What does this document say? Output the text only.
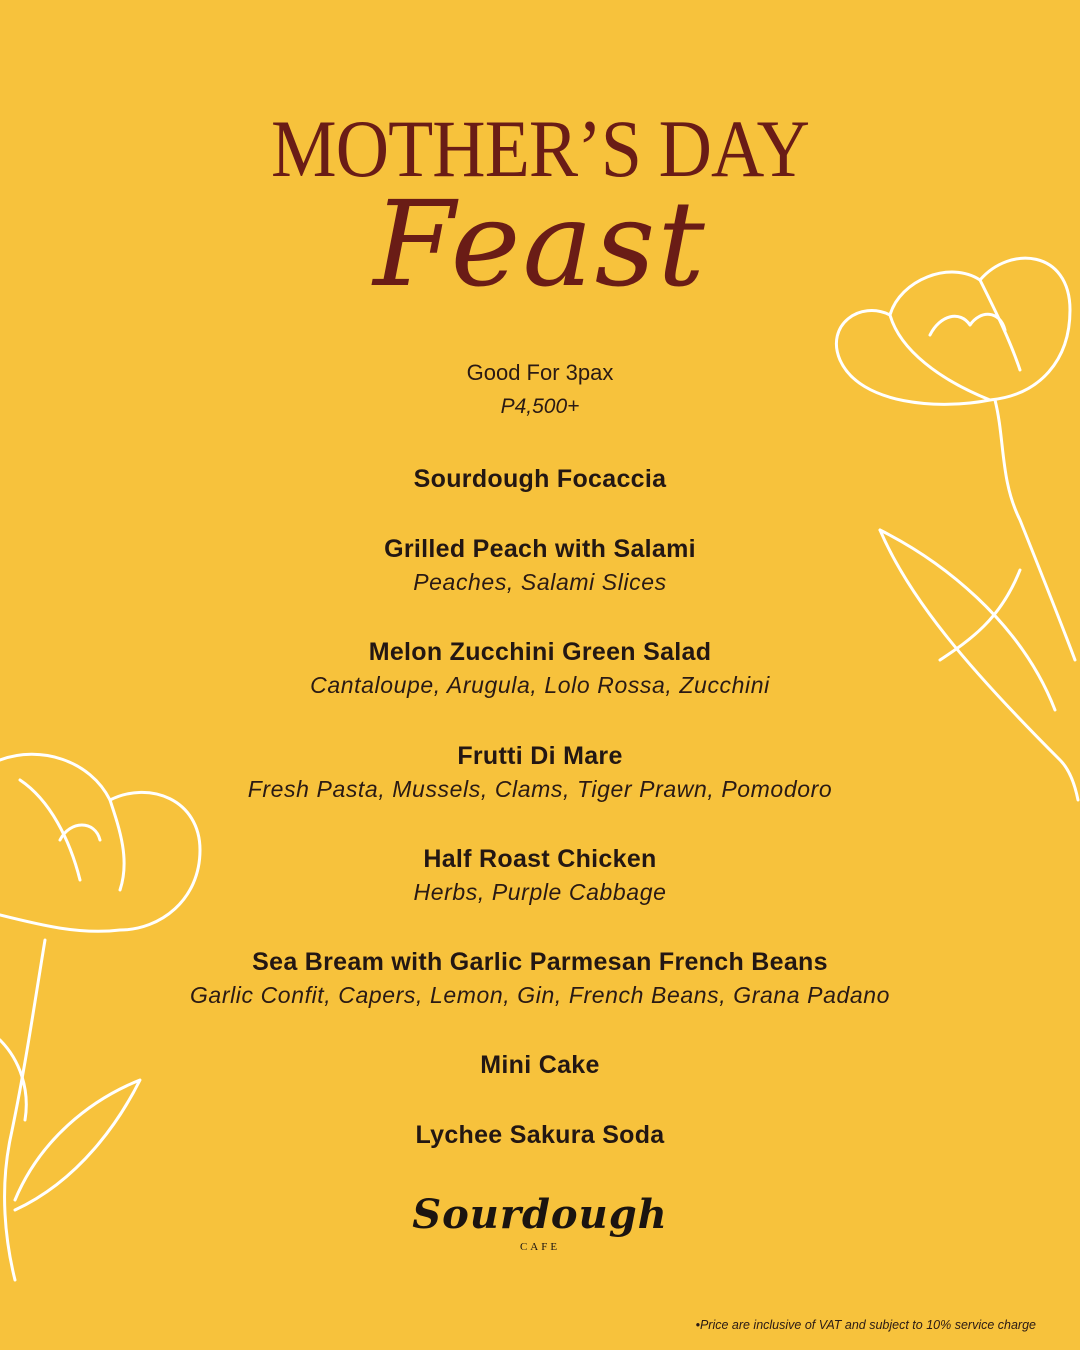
MOTHER’S DAY
Feast
Good For 3pax
P4,500+
Sourdough Focaccia
Grilled Peach with Salami
Peaches, Salami Slices
Melon Zucchini Green Salad
Cantaloupe, Arugula, Lolo Rossa, Zucchini
Frutti Di Mare
Fresh Pasta, Mussels, Clams, Tiger Prawn, Pomodoro
Half Roast Chicken
Herbs, Purple Cabbage
Sea Bream with Garlic Parmesan French Beans
Garlic Confit, Capers, Lemon, Gin, French Beans, Grana Padano
Mini Cake
Lychee Sakura Soda
Sourdough
CAFE
•Price are inclusive of VAT and subject to 10% service charge
